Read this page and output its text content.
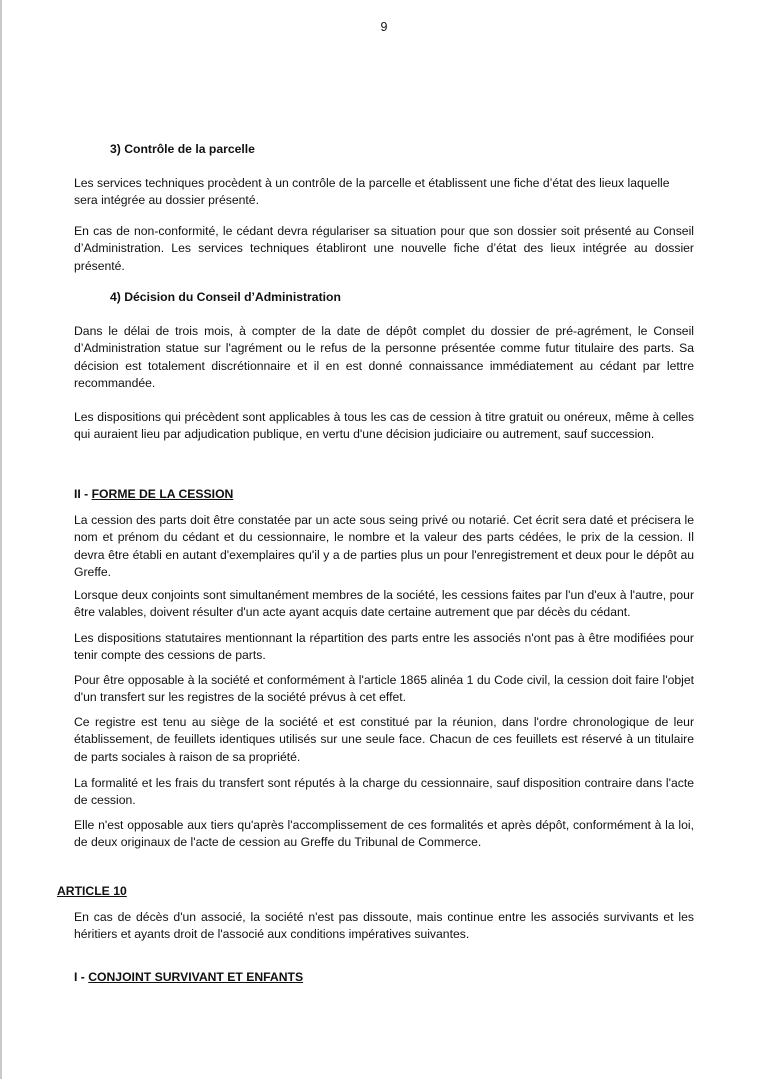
9

3) Contrôle de la parcelle

Les services techniques procèdent à un contrôle de la parcelle et établissent une fiche d’état des lieux laquelle sera intégrée au dossier présenté.

En cas de non-conformité, le cédant devra régulariser sa situation pour que son dossier soit présenté au Conseil d’Administration. Les services techniques établiront une nouvelle fiche d’état des lieux intégrée au dossier présenté.

4) Décision du Conseil d’Administration

Dans le délai de trois mois, à compter de la date de dépôt complet du dossier de pré-agrément, le Conseil d’Administration statue sur l'agrément ou le refus de la personne présentée comme futur titulaire des parts. Sa décision est totalement discrétionnaire et il en est donné connaissance immédiatement au cédant par lettre recommandée.

Les dispositions qui précèdent sont applicables à tous les cas de cession à titre gratuit ou onéreux, même à celles qui auraient lieu par adjudication publique, en vertu d'une décision judiciaire ou autrement, sauf succession.

II - FORME DE LA CESSION

La cession des parts doit être constatée par un acte sous seing privé ou notarié. Cet écrit sera daté et précisera le nom et prénom du cédant et du cessionnaire, le nombre et la valeur des parts cédées, le prix de la cession. Il devra être établi en autant d'exemplaires qu'il y a de parties plus un pour l'enregistrement et deux pour le dépôt au Greffe.

Lorsque deux conjoints sont simultanément membres de la société, les cessions faites par l'un d'eux à l'autre, pour être valables, doivent résulter d'un acte ayant acquis date certaine autrement que par décès du cédant.

Les dispositions statutaires mentionnant la répartition des parts entre les associés n'ont pas à être modifiées pour tenir compte des cessions de parts.

Pour être opposable à la société et conformément à l'article 1865 alinéa 1 du Code civil, la cession doit faire l'objet d'un transfert sur les registres de la société prévus à cet effet.

Ce registre est tenu au siège de la société et est constitué par la réunion, dans l'ordre chronologique de leur établissement, de feuillets identiques utilisés sur une seule face. Chacun de ces feuillets est réservé à un titulaire de parts sociales à raison de sa propriété.

La formalité et les frais du transfert sont réputés à la charge du cessionnaire, sauf disposition contraire dans l'acte de cession.

Elle n'est opposable aux tiers qu'après l'accomplissement de ces formalités et après dépôt, conformément à la loi, de deux originaux de l'acte de cession au Greffe du Tribunal de Commerce.

ARTICLE 10

En cas de décès d'un associé, la société n'est pas dissoute, mais continue entre les associés survivants et les héritiers et ayants droit de l'associé aux conditions impératives suivantes.

I - CONJOINT SURVIVANT ET ENFANTS
